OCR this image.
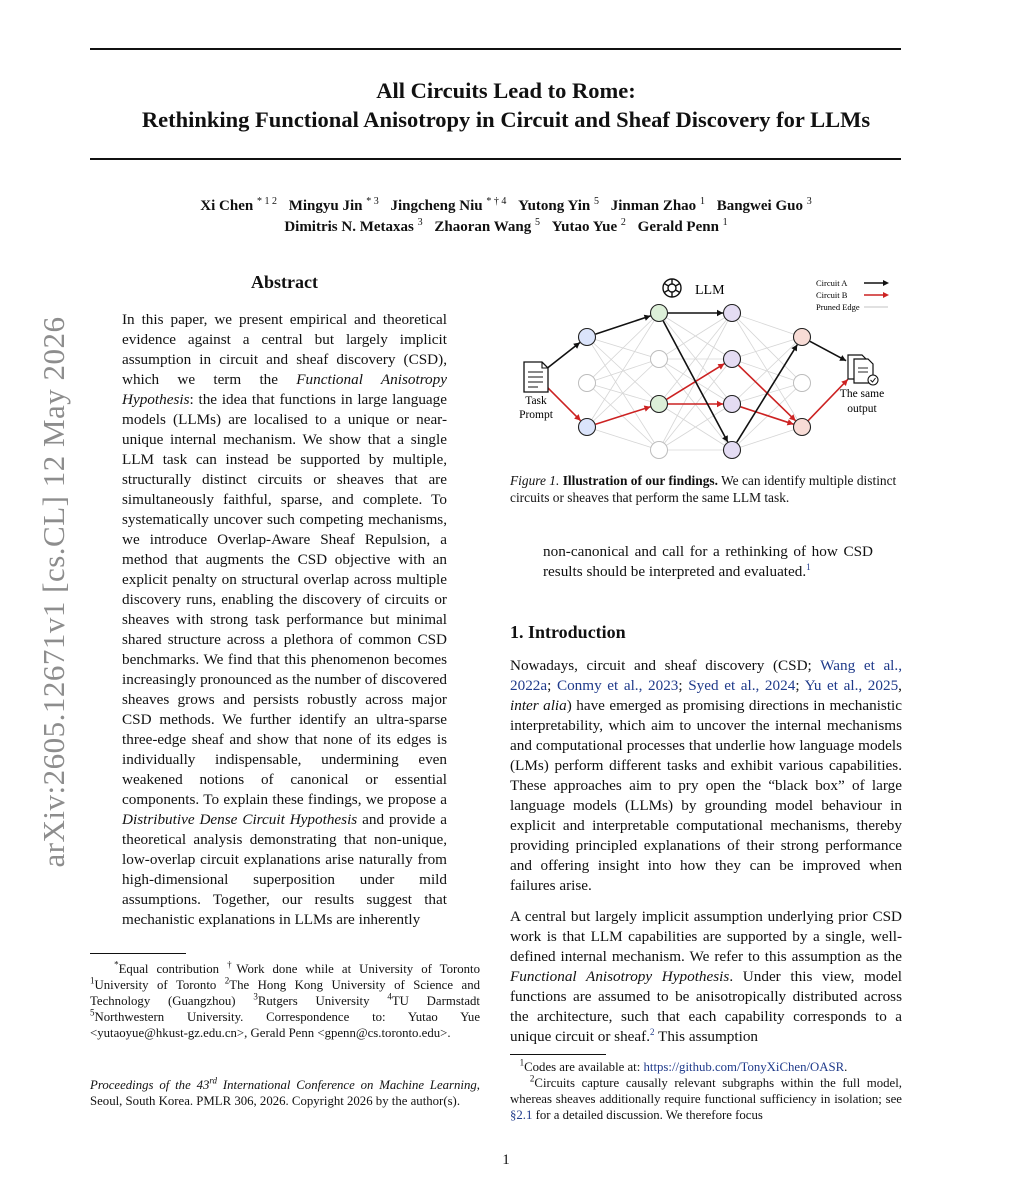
All Circuits Lead to Rome:
Rethinking Functional Anisotropy in Circuit and Sheaf Discovery for LLMs
Xi Chen $^{* 1 2}$ Mingyu Jin $^{* 3}$ Jingcheng Niu $^{* \dagger 4}$ Yutong Yin $^5$ Jinman Zhao $^1$ Bangwei Guo $^3$
Dimitris N. Metaxas $^3$ Zhaoran Wang $^5$ Yutao Yue $^2$ Gerald Penn $^1$
arXiv:2605.12671v1 [cs.CL] 12 May 2026
Abstract

In this paper, we present empirical and theoretical evidence against a central but largely implicit assumption in circuit and sheaf discovery (CSD), which we term the Functional Anisotropy Hypothesis: the idea that functions in large language models (LLMs) are localised to a unique or near-unique internal mechanism. We show that a single LLM task can instead be supported by multiple, structurally distinct circuits or sheaves that are simultaneously faithful, sparse, and complete. To systematically uncover such competing mechanisms, we introduce Overlap-Aware Sheaf Repulsion, a method that augments the CSD objective with an explicit penalty on structural overlap across multiple discovery runs, enabling the discovery of circuits or sheaves with strong task performance but minimal shared structure across a plethora of common CSD benchmarks. We find that this phenomenon becomes increasingly pronounced as the number of discovered sheaves grows and persists robustly across major CSD methods. We further identify an ultra-sparse three-edge sheaf and show that none of its edges is individually indispensable, undermining even weakened notions of canonical or essential components. To explain these findings, we propose a Distributive Dense Circuit Hypothesis and provide a theoretical analysis demonstrating that non-unique, low-overlap circuit explanations arise naturally from high-dimensional superposition under mild assumptions. Together, our results suggest that mechanistic explanations in LLMs are inherently

*Equal contribution †Work done while at University of Toronto $^1$University of Toronto $^2$The Hong Kong University of Science and Technology (Guangzhou) $^3$Rutgers University $^4$TU Darmstadt $^5$Northwestern University. Correspondence to: Yutao Yue <yutaoyue@hkust-gz.edu.cn>, Gerald Penn <gpenn@cs.toronto.edu>.

Proceedings of the 43rd International Conference on Machine Learning, Seoul, South Korea. PMLR 306, 2026. Copyright 2026 by the author(s).

LLM	Circuit A
Circuit B
Pruned Edge
Task
Prompt
The same
output

Figure 1. Illustration of our findings. We can identify multiple distinct circuits or sheaves that perform the same LLM task.

non-canonical and call for a rethinking of how CSD results should be interpreted and evaluated.$^1$

1. Introduction

Nowadays, circuit and sheaf discovery (CSD; Wang et al., 2022a; Conmy et al., 2023; Syed et al., 2024; Yu et al., 2025, inter alia) have emerged as promising directions in mechanistic interpretability, which aim to uncover the internal mechanisms and computational processes that underlie how language models (LMs) perform different tasks and exhibit various capabilities. These approaches aim to pry open the “black box” of large language models (LLMs) by grounding model behaviour in explicit and interpretable computational mechanisms, thereby providing principled explanations of their strong performance and offering insight into how they can be improved when failures arise.

A central but largely implicit assumption underlying prior CSD work is that LLM capabilities are supported by a single, well-defined internal mechanism. We refer to this assumption as the Functional Anisotropy Hypothesis. Under this view, model functions are assumed to be anisotropically distributed across the architecture, such that each capability corresponds to a unique circuit or sheaf.$^2$ This assumption

$^1$Codes are available at: https://github.com/TonyXiChen/OASR.

$^2$Circuits capture causally relevant subgraphs within the full model, whereas sheaves additionally require functional sufficiency in isolation; see §2.1 for a detailed discussion. We therefore focus

1
